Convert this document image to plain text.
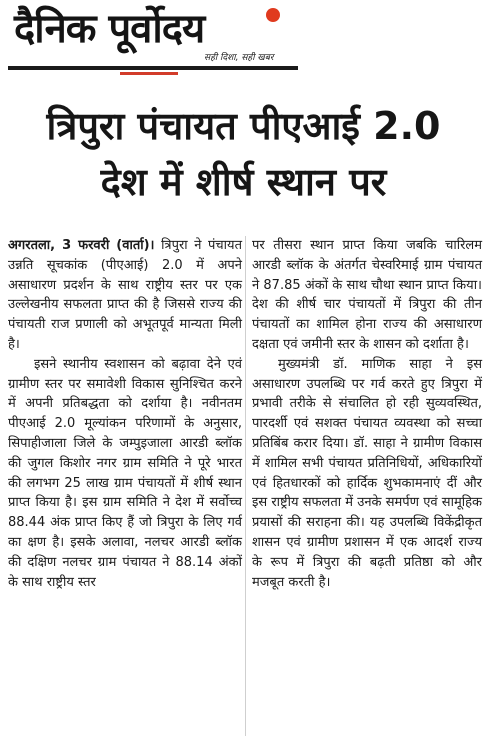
दैनिक पूर्वोदय
सही दिशा, सही खबर
त्रिपुरा पंचायत पीएआई 2.0
देश में शीर्ष स्थान पर

अगरतला, 3 फरवरी (वार्ता)। त्रिपुरा ने पंचायत उन्नति सूचकांक (पीएआई) 2.0 में अपने असाधारण प्रदर्शन के साथ राष्ट्रीय स्तर पर एक उल्लेखनीय सफलता प्राप्त की है जिससे राज्य की पंचायती राज प्रणाली को अभूतपूर्व मान्यता मिली है।

इसने स्थानीय स्वशासन को बढ़ावा देने एवं ग्रामीण स्तर पर समावेशी विकास सुनिश्चित करने में अपनी प्रतिबद्धता को दर्शाया है। नवीनतम पीएआई 2.0 मूल्यांकन परिणामों के अनुसार, सिपाहीजाला जिले के जम्पुइजाला आरडी ब्लॉक की जुगल किशोर नगर ग्राम समिति ने पूरे भारत की लगभग 25 लाख ग्राम पंचायतों में शीर्ष स्थान प्राप्त किया है। इस ग्राम समिति ने देश में सर्वोच्च 88.44 अंक प्राप्त किए हैं जो त्रिपुरा के लिए गर्व का क्षण है। इसके अलावा, नलचर आरडी ब्लॉक की दक्षिण नलचर ग्राम पंचायत ने 88.14 अंकों के साथ राष्ट्रीय स्तर

पर तीसरा स्थान प्राप्त किया जबकि चारिलम आरडी ब्लॉक के अंतर्गत चेस्वरिमाई ग्राम पंचायत ने 87.85 अंकों के साथ चौथा स्थान प्राप्त किया। देश की शीर्ष चार पंचायतों में त्रिपुरा की तीन पंचायतों का शामिल होना राज्य की असाधारण दक्षता एवं जमीनी स्तर के शासन को दर्शाता है।

मुख्यमंत्री डॉ. माणिक साहा ने इस असाधारण उपलब्धि पर गर्व करते हुए त्रिपुरा में प्रभावी तरीके से संचालित हो रही सुव्यवस्थित, पारदर्शी एवं सशक्त पंचायत व्यवस्था को सच्चा प्रतिबिंब करार दिया। डॉ. साहा ने ग्रामीण विकास में शामिल सभी पंचायत प्रतिनिधियों, अधिकारियों एवं हितधारकों को हार्दिक शुभकामनाएं दीं और इस राष्ट्रीय सफलता में उनके समर्पण एवं सामूहिक प्रयासों की सराहना की। यह उपलब्धि विकेंद्रीकृत शासन एवं ग्रामीण प्रशासन में एक आदर्श राज्य के रूप में त्रिपुरा की बढ़ती प्रतिष्ठा को और मजबूत करती है।
